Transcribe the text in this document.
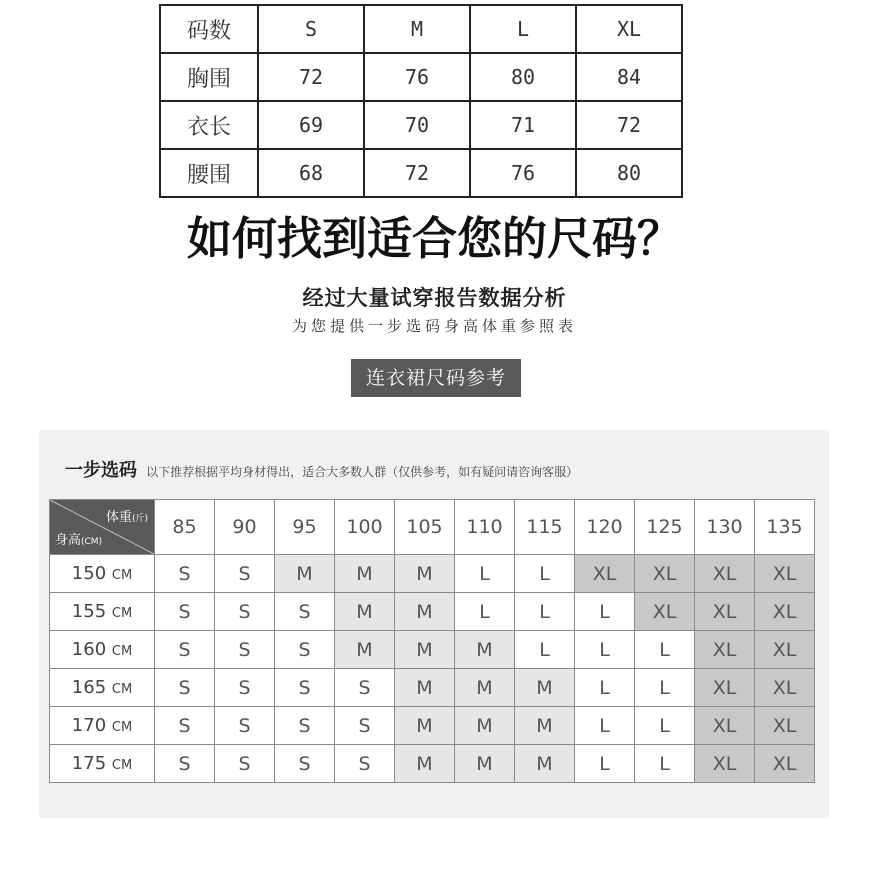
码数	S	M	L	XL
胸围	72	76	80	84
衣长	69	70	71	72
腰围	68	72	76	80
如何找到适合您的尺码？
经过大量试穿报告数据分析
为您提供一步选码身高体重参照表
连衣裙尺码参考
一步选码 以下推荐根据平均身材得出，适合大多数人群（仅供参考，如有疑问请咨询客服）
体重(斤)
身高(CM)	85	90	95	100	105	110	115	120	125	130	135
150 CM	S	S	M	M	M	L	L	XL	XL	XL	XL
155 CM	S	S	S	M	M	L	L	L	XL	XL	XL
160 CM	S	S	S	M	M	M	L	L	L	XL	XL
165 CM	S	S	S	S	M	M	M	L	L	XL	XL
170 CM	S	S	S	S	M	M	M	L	L	XL	XL
175 CM	S	S	S	S	M	M	M	L	L	XL	XL
